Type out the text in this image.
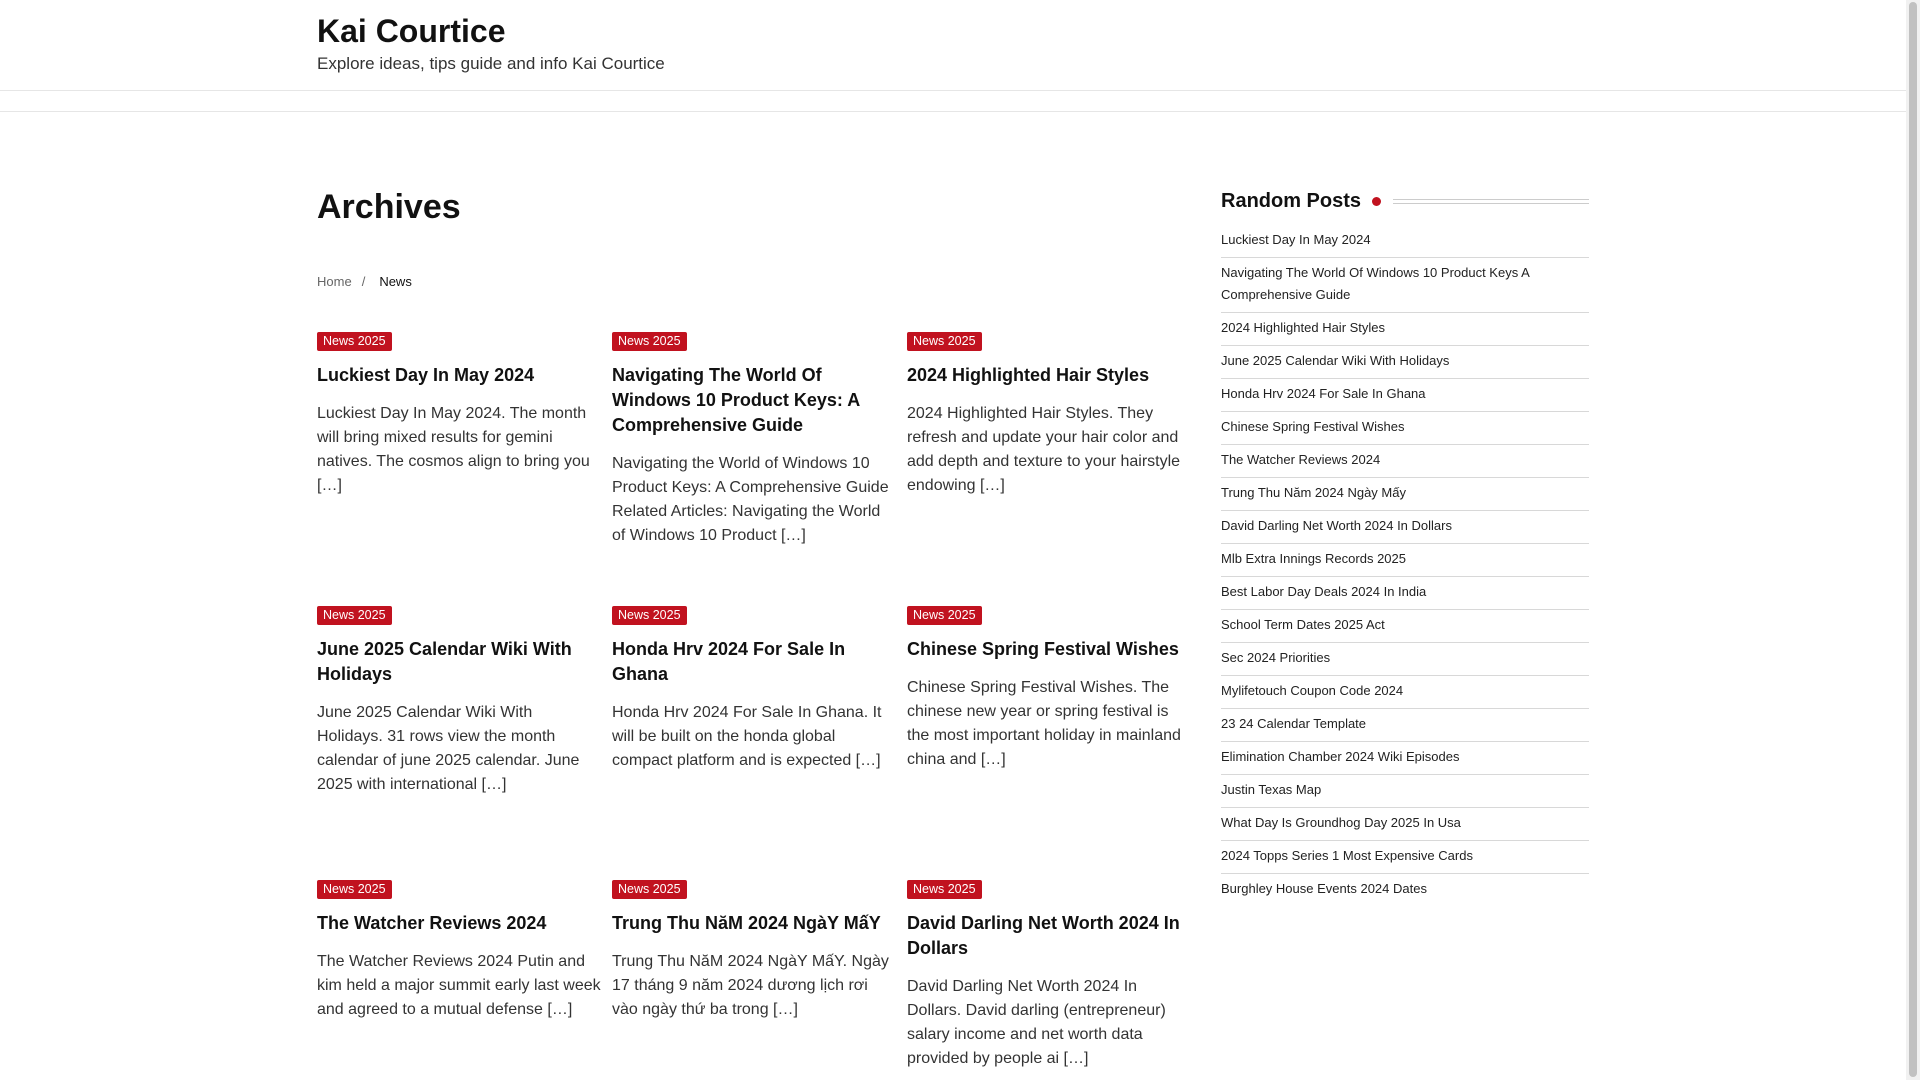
Kai Courtice
Explore ideas, tips guide and info Kai Courtice
Archives
Home / News
News 2025
Luckiest Day In May 2024

Luckiest Day In May 2024. The month will bring mixed results for gemini natives. The cosmos align to bring you […]

News 2025
Navigating The World Of Windows 10 Product Keys: A Comprehensive Guide

Navigating the World of Windows 10 Product Keys: A Comprehensive Guide Related Articles: Navigating the World of Windows 10 Product […]

News 2025
2024 Highlighted Hair Styles

2024 Highlighted Hair Styles. They refresh and update your hair color and add depth and texture to your hairstyle endowing […]

News 2025
June 2025 Calendar Wiki With Holidays

June 2025 Calendar Wiki With Holidays. 31 rows view the month calendar of june 2025 calendar. June 2025 with international […]

News 2025
Honda Hrv 2024 For Sale In Ghana

Honda Hrv 2024 For Sale In Ghana. It will be built on the honda global compact platform and is expected […]

News 2025
Chinese Spring Festival Wishes

Chinese Spring Festival Wishes. The chinese new year or spring festival is the most important holiday in mainland china and […]

News 2025
The Watcher Reviews 2024

The Watcher Reviews 2024 Putin and kim held a major summit early last week and agreed to a mutual defense […]

News 2025
Trung Thu NăM 2024 NgàY MấY

Trung Thu NăM 2024 NgàY MấY. Ngày 17 tháng 9 năm 2024 dương lịch rơi vào ngày thứ ba trong […]

News 2025
David Darling Net Worth 2024 In Dollars

David Darling Net Worth 2024 In Dollars. David darling (entrepreneur) salary income and net worth data provided by people ai […]

Random Posts
Luckiest Day In May 2024
Navigating The World Of Windows 10 Product Keys A Comprehensive Guide
2024 Highlighted Hair Styles
June 2025 Calendar Wiki With Holidays
Honda Hrv 2024 For Sale In Ghana
Chinese Spring Festival Wishes
The Watcher Reviews 2024
Trung Thu Năm 2024 Ngày Mấy
David Darling Net Worth 2024 In Dollars
Mlb Extra Innings Records 2025
Best Labor Day Deals 2024 In India
School Term Dates 2025 Act
Sec 2024 Priorities
Mylifetouch Coupon Code 2024
23 24 Calendar Template
Elimination Chamber 2024 Wiki Episodes
Justin Texas Map
What Day Is Groundhog Day 2025 In Usa
2024 Topps Series 1 Most Expensive Cards
Burghley House Events 2024 Dates
